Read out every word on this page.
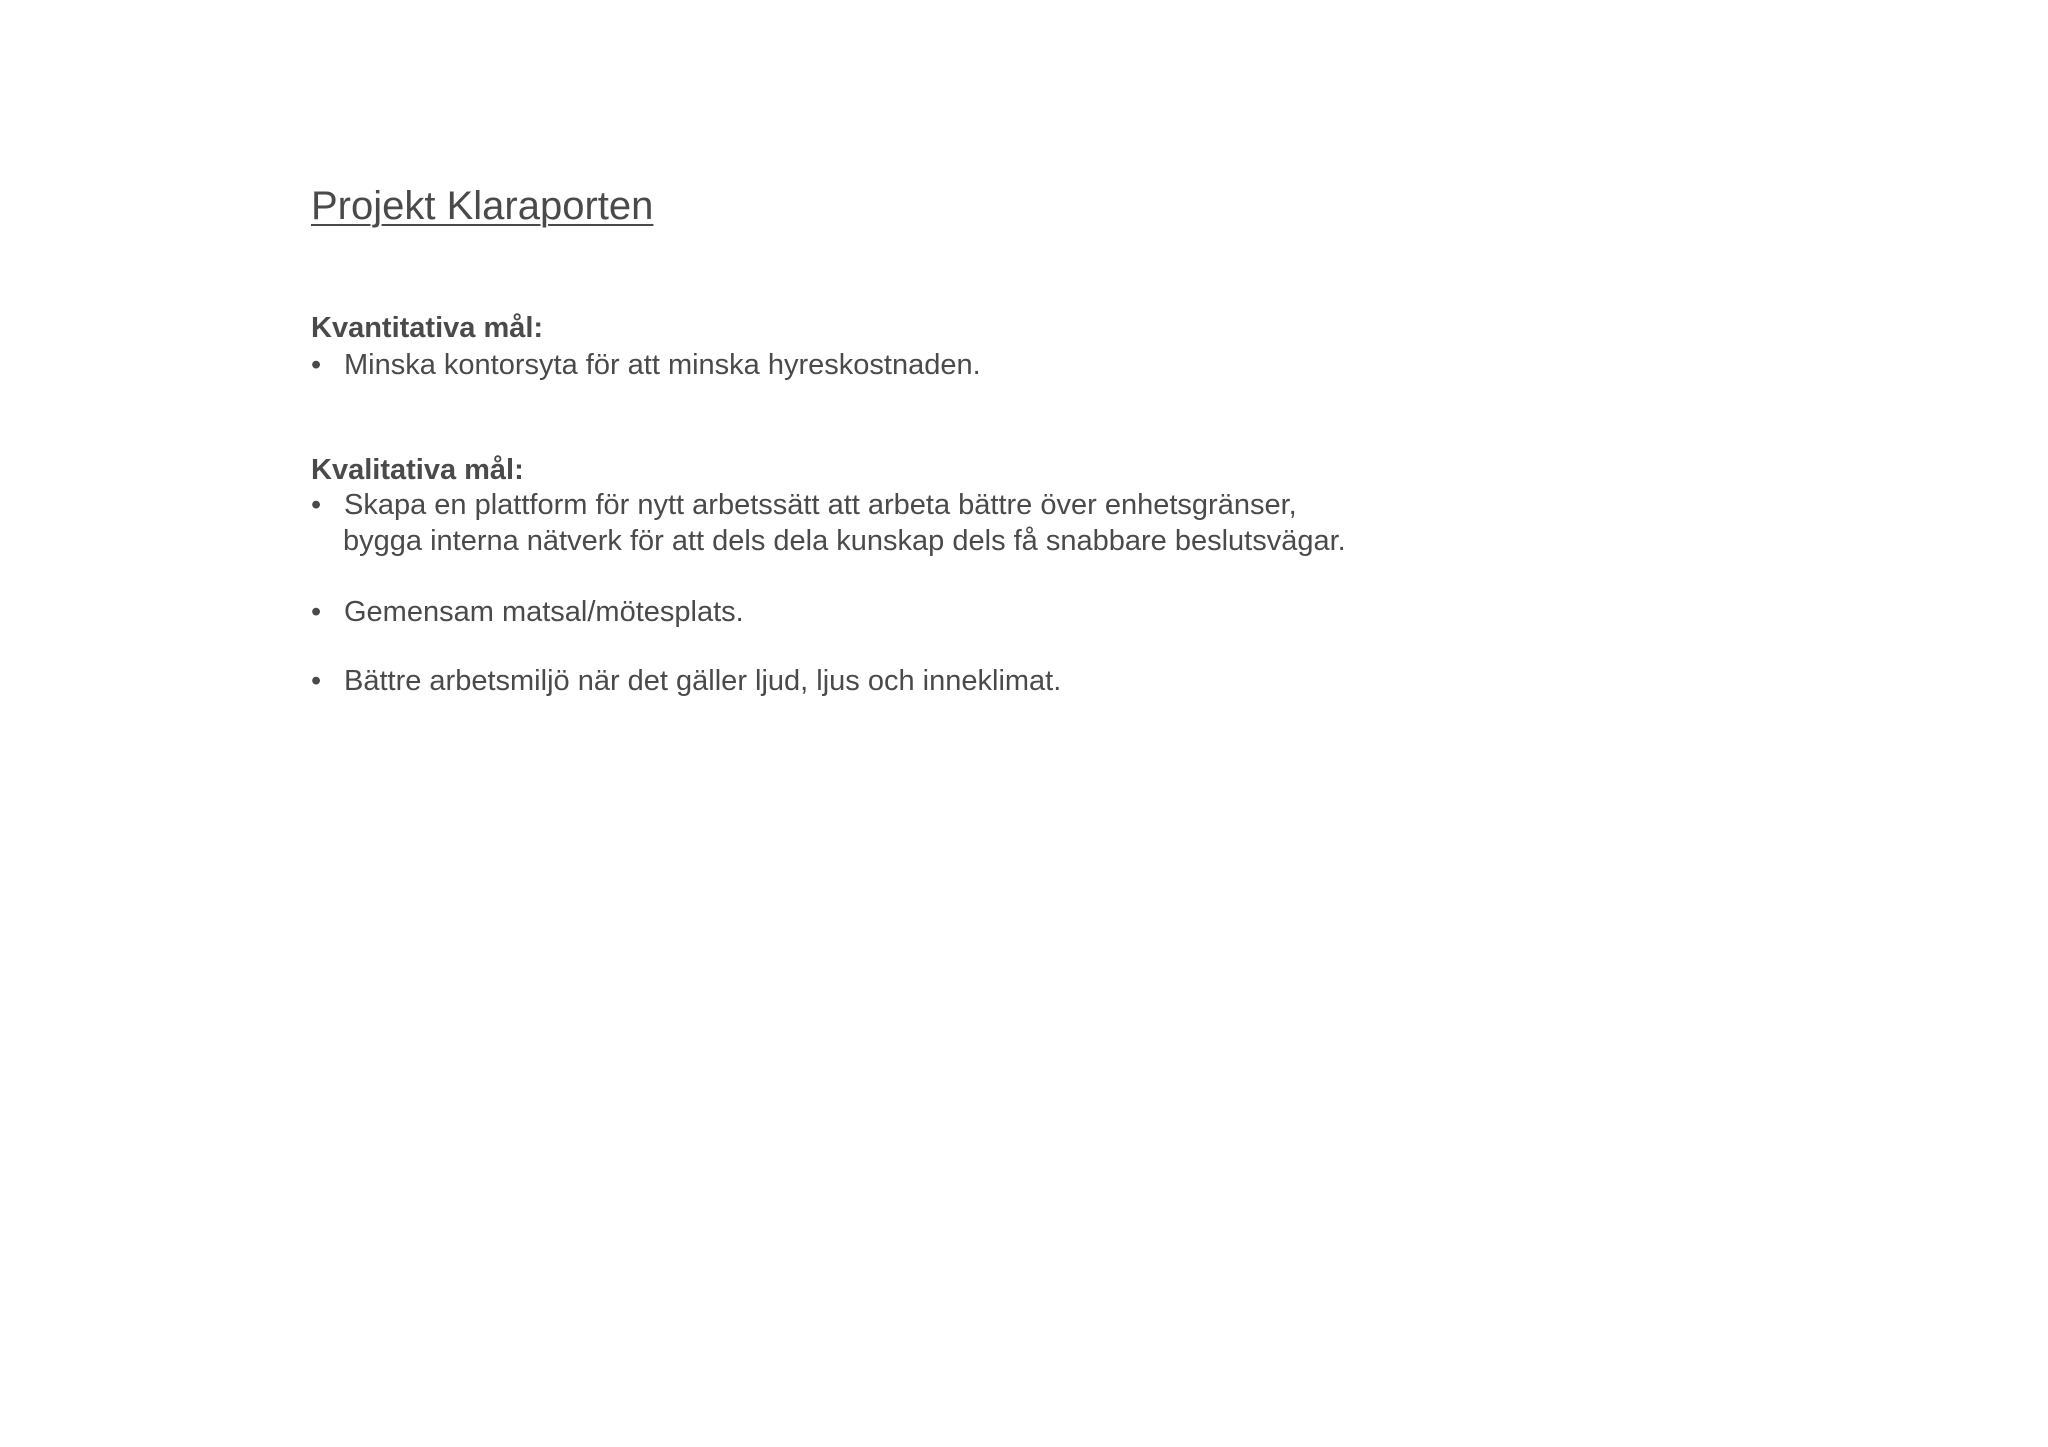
Projekt Klaraporten
Kvantitativa mål:
• Minska kontorsyta för att minska hyreskostnaden.
Kvalitativa mål:
• Skapa en plattform för nytt arbetssätt att arbeta bättre över enhetsgränser,
bygga interna nätverk för att dels dela kunskap dels få snabbare beslutsvägar.
• Gemensam matsal/mötesplats.
• Bättre arbetsmiljö när det gäller ljud, ljus och inneklimat.
